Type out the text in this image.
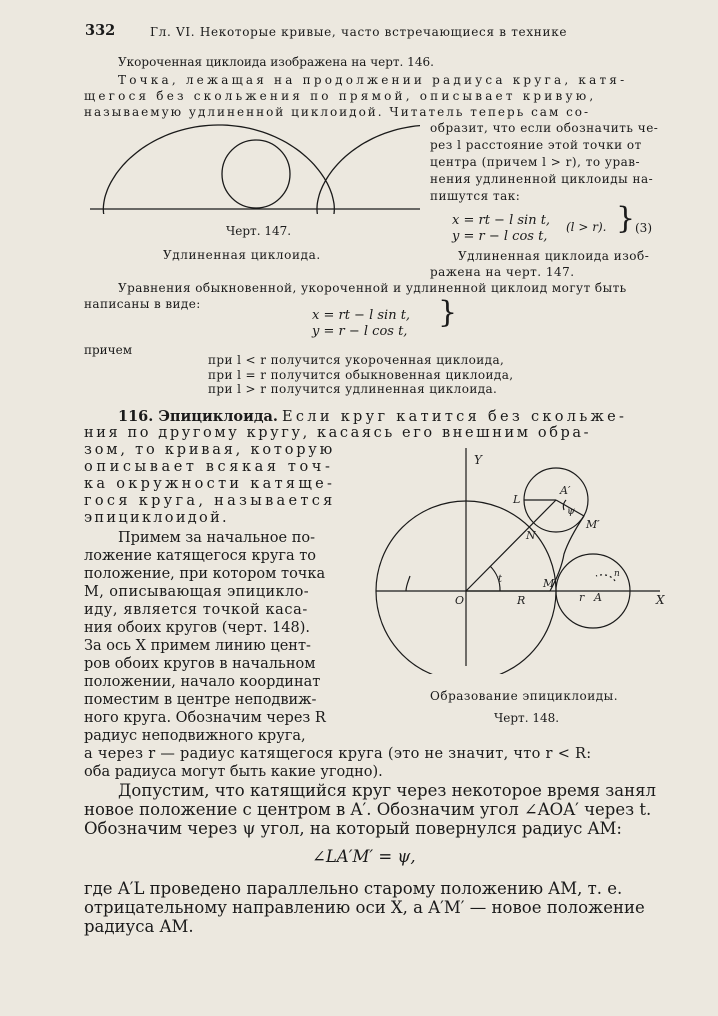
332	Гл. VI. Некоторые кривые, часто встречающиеся в технике
Укороченная циклоида изображена на черт. 146.
Точка, лежащая на продолжении радиуса круга, катя-
щегося без скольжения по прямой, описывает кривую,
называемую удлиненной циклоидой. Читатель теперь сам со-
образит, что если обозначить че-
рез l расстояние этой точки от
центра (причем l > r), то урав-
нения удлиненной циклоиды на-
пишутся так:
x = rt − l sin t,
y = r − l cos t,
(l > r). } (3)
Черт. 147.
Удлиненная циклоида.	Удлиненная циклоида изоб-
ражена на черт. 147.
Уравнения обыкновенной, укороченной и удлиненной циклоид могут быть
написаны в виде:
x = rt − l sin t,
y = r − l cos t,
}
причем
при l < r получится укороченная циклоида,
при l = r получится обыкновенная циклоида,
при l > r получится удлиненная циклоида.
116. Эпициклоида. Если круг катится без скольже-
ния по другому кругу, касаясь его внешним обра-
зом, то кривая, которую
описывает всякая точ-
ка окружности катяще-
гося круга, называется
эпициклоидой.
Примем за начальное по-
ложение катящегося круга то
положение, при котором точка
M, описывающая эпицикло-
иду, является точкой каса-
ния обоих кругов (черт. 148).
За ось X примем линию цент-
ров обоих кругов в начальном
положении, начало координат
поместим в центре неподвиж-
ного круга. Обозначим через R
радиус неподвижного круга,
а через r — радиус катящегося круга (это не значит, что r < R:
оба радиуса могут быть какие угодно).
Y
X
O	R	r A
A′
M
M′
N
L
t
ψ
n
Образование эпициклоиды.
Черт. 148.
Допустим, что катящийся круг через некоторое время занял
новое положение с центром в A′. Обозначим угол ∠AOA′ через t.
Обозначим через ψ угол, на который повернулся радиус AM:
∠LA′M′ = ψ,
где A′L проведено параллельно старому положению AM, т. е.
отрицательному направлению оси X, а A′M′ — новое положение
радиуса AM.
